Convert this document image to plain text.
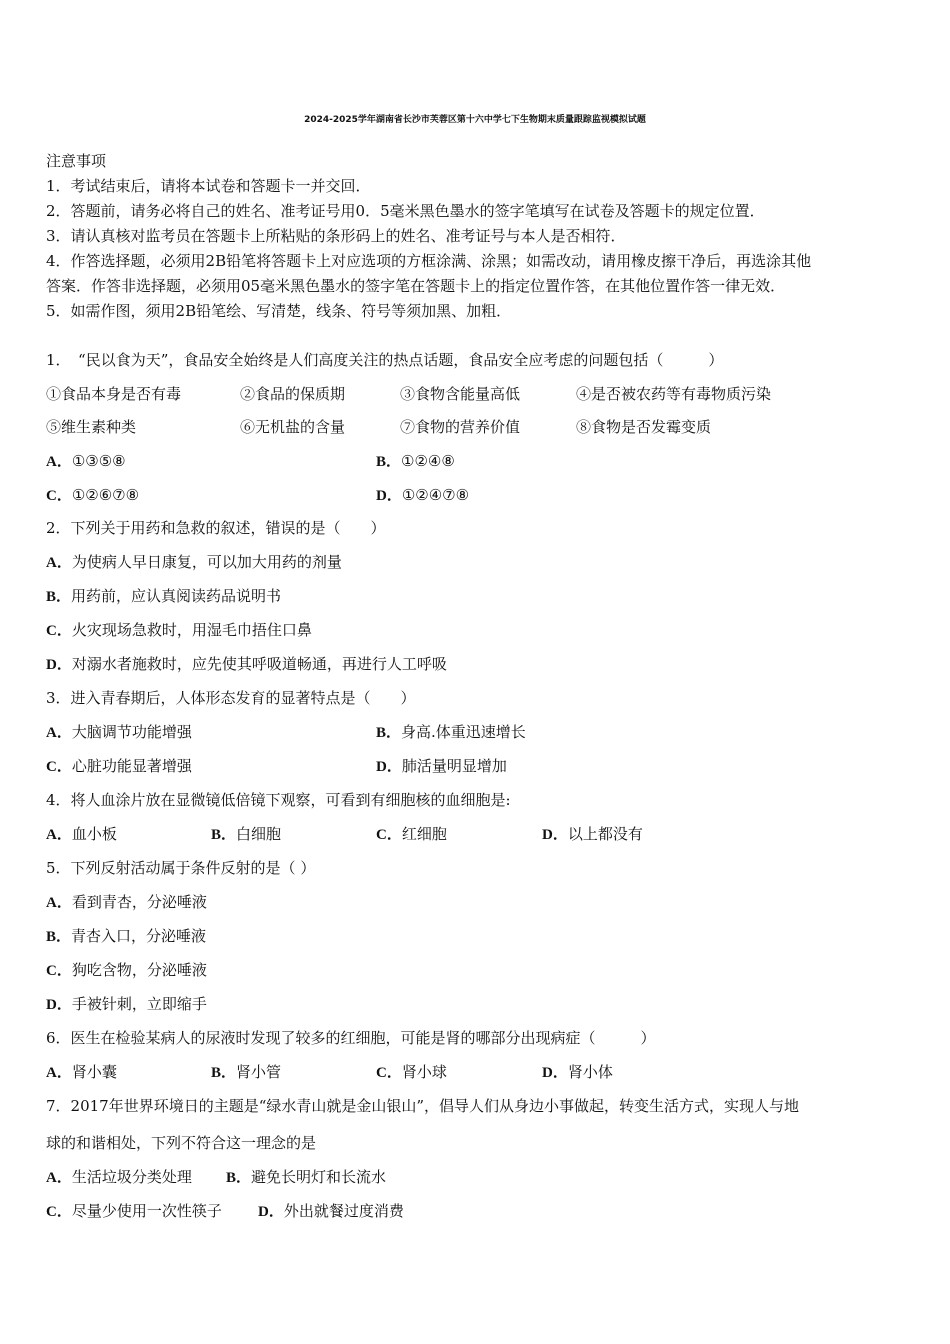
2024-2025学年湖南省长沙市芙蓉区第十六中学七下生物期末质量跟踪监视模拟试题
注意事项
1．考试结束后，请将本试卷和答题卡一并交回．
2．答题前，请务必将自己的姓名、准考证号用0．5毫米黑色墨水的签字笔填写在试卷及答题卡的规定位置．
3．请认真核对监考员在答题卡上所粘贴的条形码上的姓名、准考证号与本人是否相符．
4．作答选择题，必须用2B铅笔将答题卡上对应选项的方框涂满、涂黑；如需改动，请用橡皮擦干净后，再选涂其他
答案．作答非选择题，必须用05毫米黑色墨水的签字笔在答题卡上的指定位置作答，在其他位置作答一律无效．
5．如需作图，须用2B铅笔绘、写清楚，线条、符号等须加黑、加粗．
1．　“民以食为天”，食品安全始终是人们高度关注的热点话题，食品安全应考虑的问题包括（　　　）
①食品本身是否有毒	②食品的保质期	③食物含能量高低	④是否被农药等有毒物质污染
⑤维生素种类	⑥无机盐的含量	⑦食物的营养价值	⑧食物是否发霉变质
A．①③⑤⑧	B．①②④⑧
C．①②⑥⑦⑧	D．①②④⑦⑧
2．下列关于用药和急救的叙述，错误的是（　　）
A．为使病人早日康复，可以加大用药的剂量
B．用药前，应认真阅读药品说明书
C．火灾现场急救时，用湿毛巾捂住口鼻
D．对溺水者施救时，应先使其呼吸道畅通，再进行人工呼吸
3．进入青春期后，人体形态发育的显著特点是（　　）
A．大脑调节功能增强	B．身高.体重迅速增长
C．心脏功能显著增强	D．肺活量明显增加
4．将人血涂片放在显微镜低倍镜下观察，可看到有细胞核的血细胞是:
A．血小板	B．白细胞	C．红细胞	D．以上都没有
5．下列反射活动属于条件反射的是（ ）
A．看到青杏，分泌唾液
B．青杏入口，分泌唾液
C．狗吃含物，分泌唾液
D．手被针刺，立即缩手
6．医生在检验某病人的尿液时发现了较多的红细胞，可能是肾的哪部分出现病症（　　　）
A．肾小囊	B．肾小管	C．肾小球	D．肾小体
7．2017年世界环境日的主题是“绿水青山就是金山银山”，倡导人们从身边小事做起，转变生活方式，实现人与地
球的和谐相处，下列不符合这一理念的是
A．生活垃圾分类处理 B．避免长明灯和长流水
C．尽量少使用一次性筷子 D．外出就餐过度消费
